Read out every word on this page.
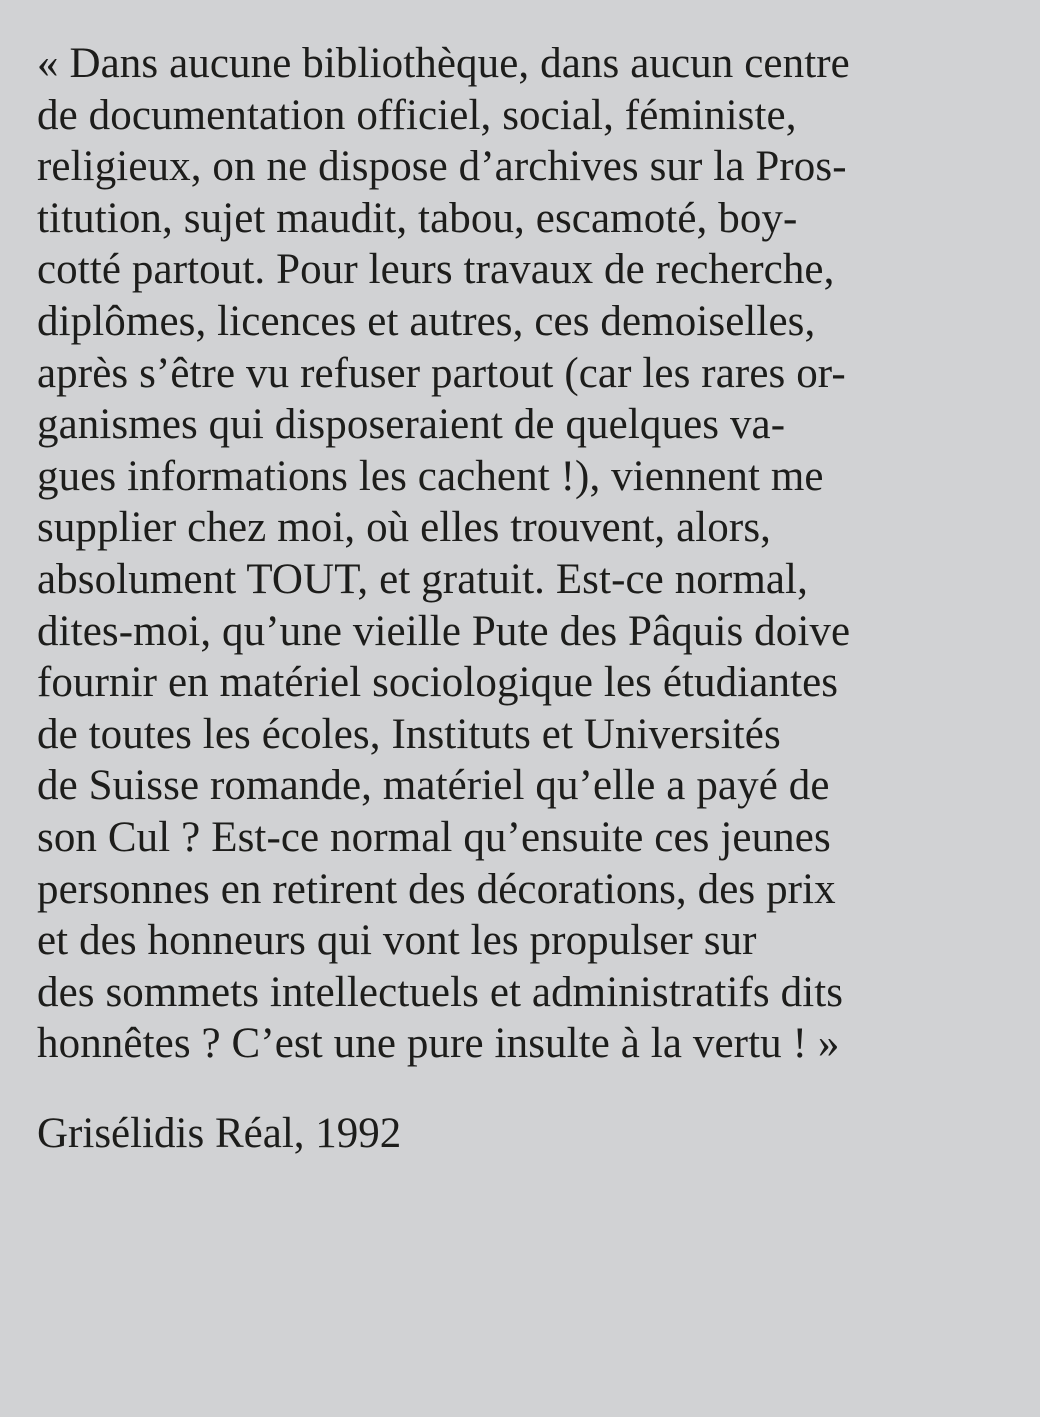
« Dans aucune bibliothèque, dans aucun centre
de documentation officiel, social, féministe,
religieux, on ne dispose d’archives sur la Pros-
titution, sujet maudit, tabou, escamoté, boy-
cotté partout. Pour leurs travaux de recherche,
diplômes, licences et autres, ces demoiselles,
après s’être vu refuser partout (car les rares or-
ganismes qui disposeraient de quelques va-
gues informations les cachent !), viennent me
supplier chez moi, où elles trouvent, alors,
absolument TOUT, et gratuit. Est-ce normal,
dites-moi, qu’une vieille Pute des Pâquis doive
fournir en matériel sociologique les étudiantes
de toutes les écoles, Instituts et Universités
de Suisse romande, matériel qu’elle a payé de
son Cul ? Est-ce normal qu’ensuite ces jeunes
personnes en retirent des décorations, des prix
et des honneurs qui vont les propulser sur
des sommets intellectuels et administratifs dits
honnêtes ? C’est une pure insulte à la vertu ! »

Grisélidis Réal, 1992
